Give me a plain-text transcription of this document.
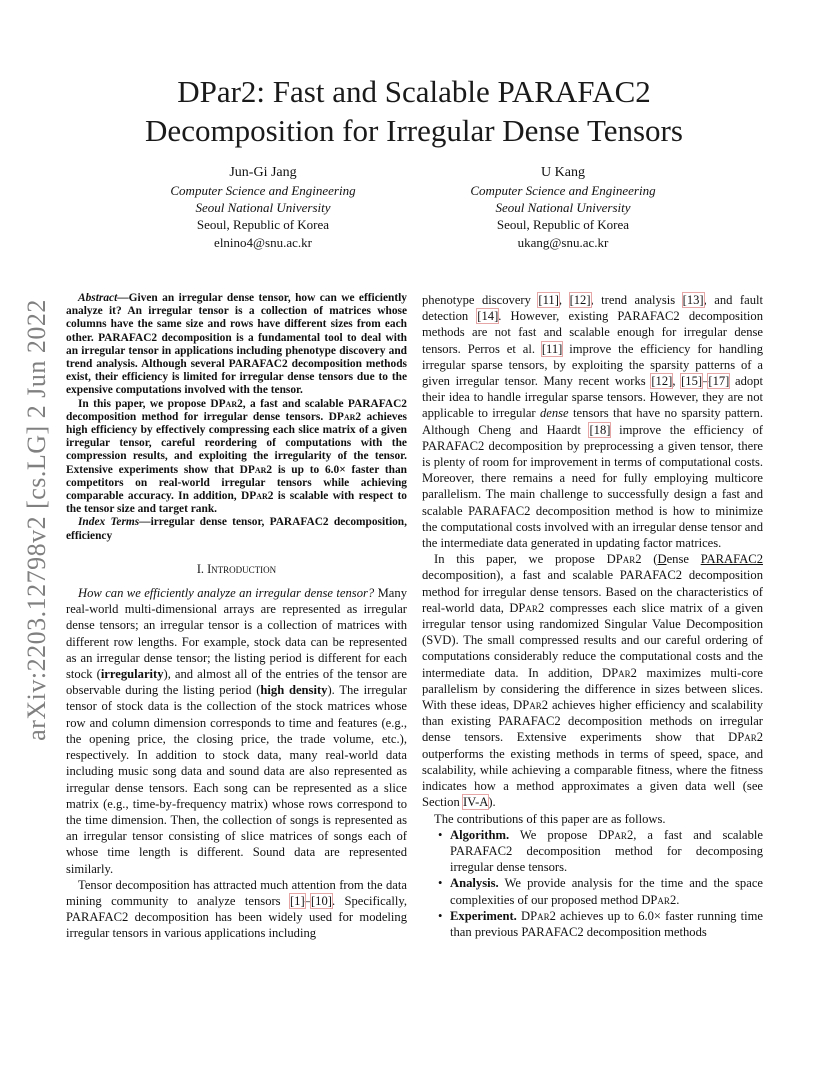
DPar2: Fast and Scalable PARAFAC2
Decomposition for Irregular Dense Tensors
Jun-Gi Jang
Computer Science and Engineering
Seoul National University
Seoul, Republic of Korea
elnino4@snu.ac.kr
U Kang
Computer Science and Engineering
Seoul National University
Seoul, Republic of Korea
ukang@snu.ac.kr
arXiv:2203.12798v2 [cs.LG] 2 Jun 2022

Abstract—Given an irregular dense tensor, how can we efficiently analyze it? An irregular tensor is a collection of matrices whose columns have the same size and rows have different sizes from each other. PARAFAC2 decomposition is a fundamental tool to deal with an irregular tensor in applications including phenotype discovery and trend analysis. Although several PARAFAC2 decomposition methods exist, their efficiency is limited for irregular dense tensors due to the expensive computations involved with the tensor.

In this paper, we propose DPar2, a fast and scalable PARAFAC2 decomposition method for irregular dense tensors. DPar2 achieves high efficiency by effectively compressing each slice matrix of a given irregular tensor, careful reordering of computations with the compression results, and exploiting the irregularity of the tensor. Extensive experiments show that DPar2 is up to 6.0× faster than competitors on real-world irregular tensors while achieving comparable accuracy. In addition, DPar2 is scalable with respect to the tensor size and target rank.

Index Terms—irregular dense tensor, PARAFAC2 decomposition, efficiency

I. Introduction

How can we efficiently analyze an irregular dense tensor? Many real-world multi-dimensional arrays are represented as irregular dense tensors; an irregular tensor is a collection of matrices with different row lengths. For example, stock data can be represented as an irregular dense tensor; the listing period is different for each stock (irregularity), and almost all of the entries of the tensor are observable during the listing period (high density). The irregular tensor of stock data is the collection of the stock matrices whose row and column dimension corresponds to time and features (e.g., the opening price, the closing price, the trade volume, etc.), respectively. In addition to stock data, many real-world data including music song data and sound data are also represented as irregular dense tensors. Each song can be represented as a slice matrix (e.g., time-by-frequency matrix) whose rows correspond to the time dimension. Then, the collection of songs is represented as an irregular tensor consisting of slice matrices of songs each of whose time length is different. Sound data are represented similarly.

Tensor decomposition has attracted much attention from the data mining community to analyze tensors [1]–[10]. Specifically, PARAFAC2 decomposition has been widely used for modeling irregular tensors in various applications including

phenotype discovery [11], [12], trend analysis [13], and fault detection [14]. However, existing PARAFAC2 decomposition methods are not fast and scalable enough for irregular dense tensors. Perros et al. [11] improve the efficiency for handling irregular sparse tensors, by exploiting the sparsity patterns of a given irregular tensor. Many recent works [12], [15]–[17] adopt their idea to handle irregular sparse tensors. However, they are not applicable to irregular dense tensors that have no sparsity pattern. Although Cheng and Haardt [18] improve the efficiency of PARAFAC2 decomposition by preprocessing a given tensor, there is plenty of room for improvement in terms of computational costs. Moreover, there remains a need for fully employing multicore parallelism. The main challenge to successfully design a fast and scalable PARAFAC2 decomposition method is how to minimize the computational costs involved with an irregular dense tensor and the intermediate data generated in updating factor matrices.

In this paper, we propose DPar2 (Dense PARAFAC2 decomposition), a fast and scalable PARAFAC2 decomposition method for irregular dense tensors. Based on the characteristics of real-world data, DPar2 compresses each slice matrix of a given irregular tensor using randomized Singular Value Decomposition (SVD). The small compressed results and our careful ordering of computations considerably reduce the computational costs and the intermediate data. In addition, DPar2 maximizes multi-core parallelism by considering the difference in sizes between slices. With these ideas, DPar2 achieves higher efficiency and scalability than existing PARAFAC2 decomposition methods on irregular dense tensors. Extensive experiments show that DPar2 outperforms the existing methods in terms of speed, space, and scalability, while achieving a comparable fitness, where the fitness indicates how a method approximates a given data well (see Section IV-A).

The contributions of this paper are as follows.

• Algorithm. We propose DPar2, a fast and scalable PARAFAC2 decomposition method for decomposing irregular dense tensors.
• Analysis. We provide analysis for the time and the space complexities of our proposed method DPar2.
• Experiment. DPar2 achieves up to 6.0× faster running time than previous PARAFAC2 decomposition methods
